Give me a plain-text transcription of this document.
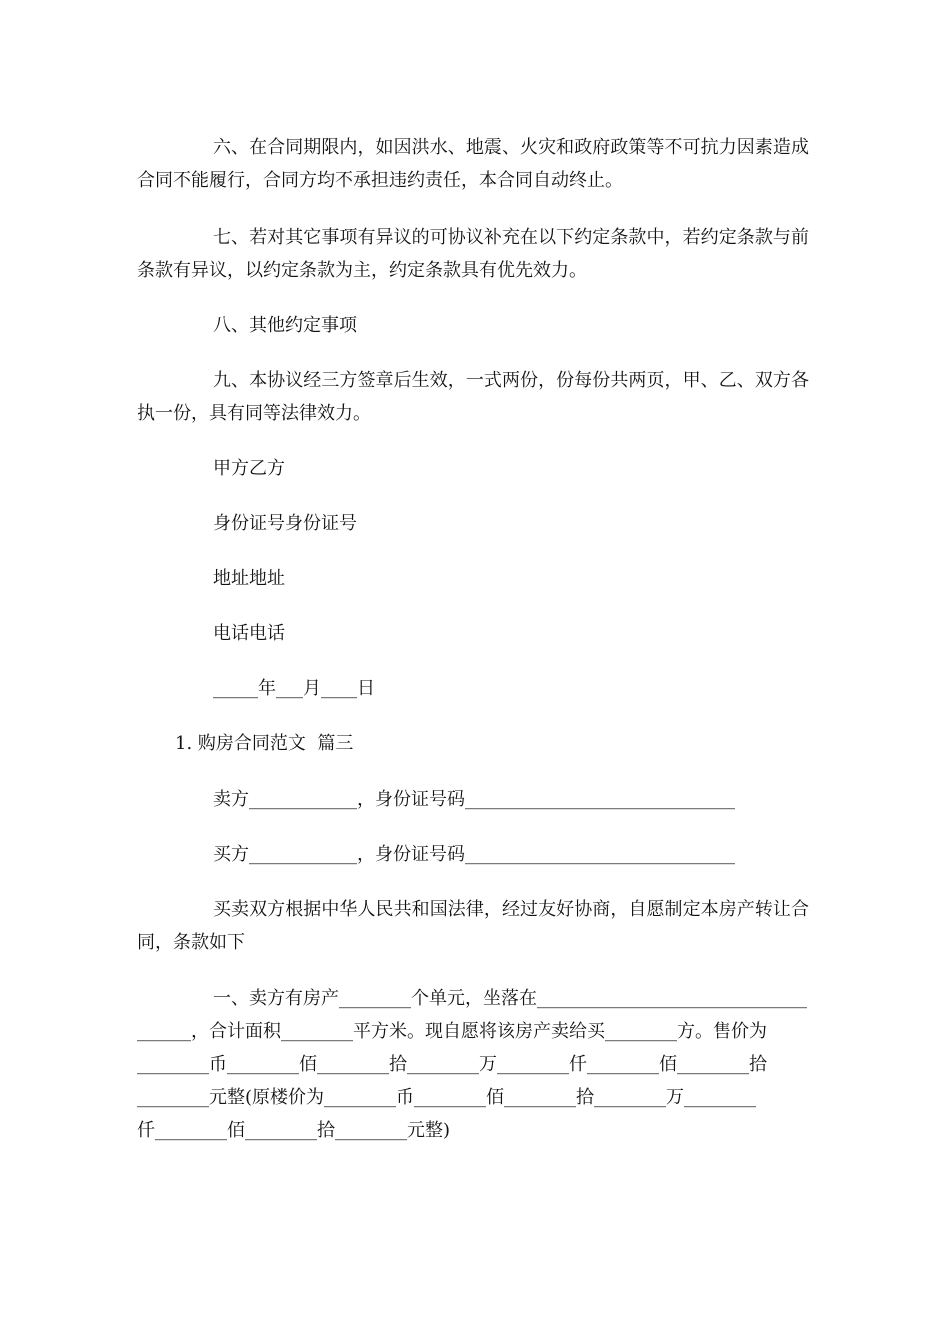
六、在合同期限内，如因洪水、地震、火灾和政府政策等不可抗力因素造成合同不能履行，合同方均不承担违约责任，本合同自动终止。

七、若对其它事项有异议的可协议补充在以下约定条款中，若约定条款与前条款有异议，以约定条款为主，约定条款具有优先效力。

八、其他约定事项

九、本协议经三方签章后生效，一式两份，份每份共两页，甲、乙、双方各执一份，具有同等法律效力。

甲方乙方

身份证号身份证号

地址地址

电话电话

_____年___月____日

1. 购房合同范文  篇三

卖方____________，身份证号码______________________________

买方____________，身份证号码______________________________

买卖双方根据中华人民共和国法律，经过友好协商，自愿制定本房产转让合同，条款如下

一、卖方有房产________个单元，坐落在______________________________

______，合计面积________平方米。现自愿将该房产卖给买________方。售价为

________币________佰________拾________万________仟________佰________拾

________元整(原楼价为________币________佰________拾________万________

仟________佰________拾________元整)
